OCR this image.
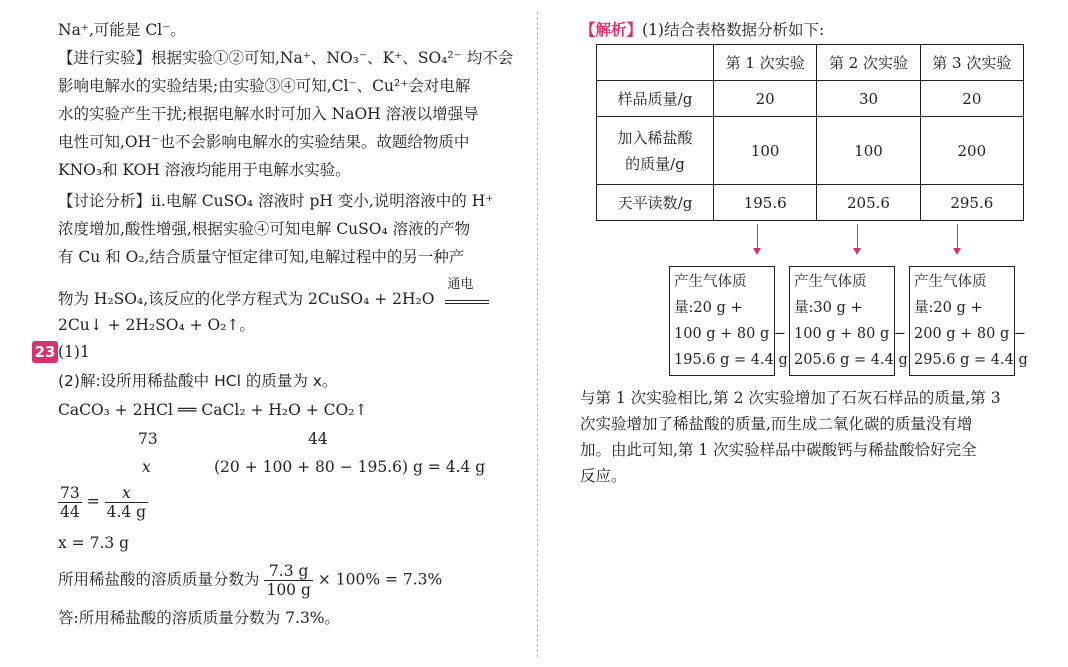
Na⁺,可能是 Cl⁻。
【进行实验】根据实验①②可知,Na⁺、NO₃⁻、K⁺、SO₄²⁻ 均不会
影响电解水的实验结果;由实验③④可知,Cl⁻、Cu²⁺会对电解
水的实验产生干扰;根据电解水时可加入 NaOH 溶液以增强导
电性可知,OH⁻也不会影响电解水的实验结果。故题给物质中
KNO₃和 KOH 溶液均能用于电解水实验。
【讨论分析】ⅱ.电解 CuSO₄ 溶液时 pH 变小,说明溶液中的 H⁺
浓度增加,酸性增强,根据实验④可知电解 CuSO₄ 溶液的产物
有 Cu 和 O₂,结合质量守恒定律可知,电解过程中的另一种产
物为 H₂SO₄,该反应的化学方程式为 2CuSO₄ + 2H₂O
通电
2Cu↓ + 2H₂SO₄ + O₂↑。
23 (1)1
(2)解:设所用稀盐酸中 HCl 的质量为 x。
CaCO₃ + 2HCl ══ CaCl₂ + H₂O + CO₂↑
73	44
x	(20 + 100 + 80 − 195.6) g = 4.4 g
$\frac{73}{44} = \frac{x}{4.4 g}$
x = 7.3 g
所用稀盐酸的溶质质量分数为 $\frac{7.3 g}{100 g} \times 100\% = 7.3\%$
答:所用稀盐酸的溶质质量分数为 7.3%。
【解析】(1)结合表格数据分析如下:
	第 1 次实验	第 2 次实验	第 3 次实验
样品质量/g	20	30	20

加入稀盐酸
的质量/g	100	100	200
天平读数/g	195.6	205.6	295.6
产生气体质
量:20 g +
100 g + 80 g −
195.6 g = 4.4 g
产生气体质
量:30 g +
100 g + 80 g −
205.6 g = 4.4 g
产生气体质
量:20 g +
200 g + 80 g −
295.6 g = 4.4 g
与第 1 次实验相比,第 2 次实验增加了石灰石样品的质量,第 3
次实验增加了稀盐酸的质量,而生成二氧化碳的质量没有增
加。由此可知,第 1 次实验样品中碳酸钙与稀盐酸恰好完全
反应。
